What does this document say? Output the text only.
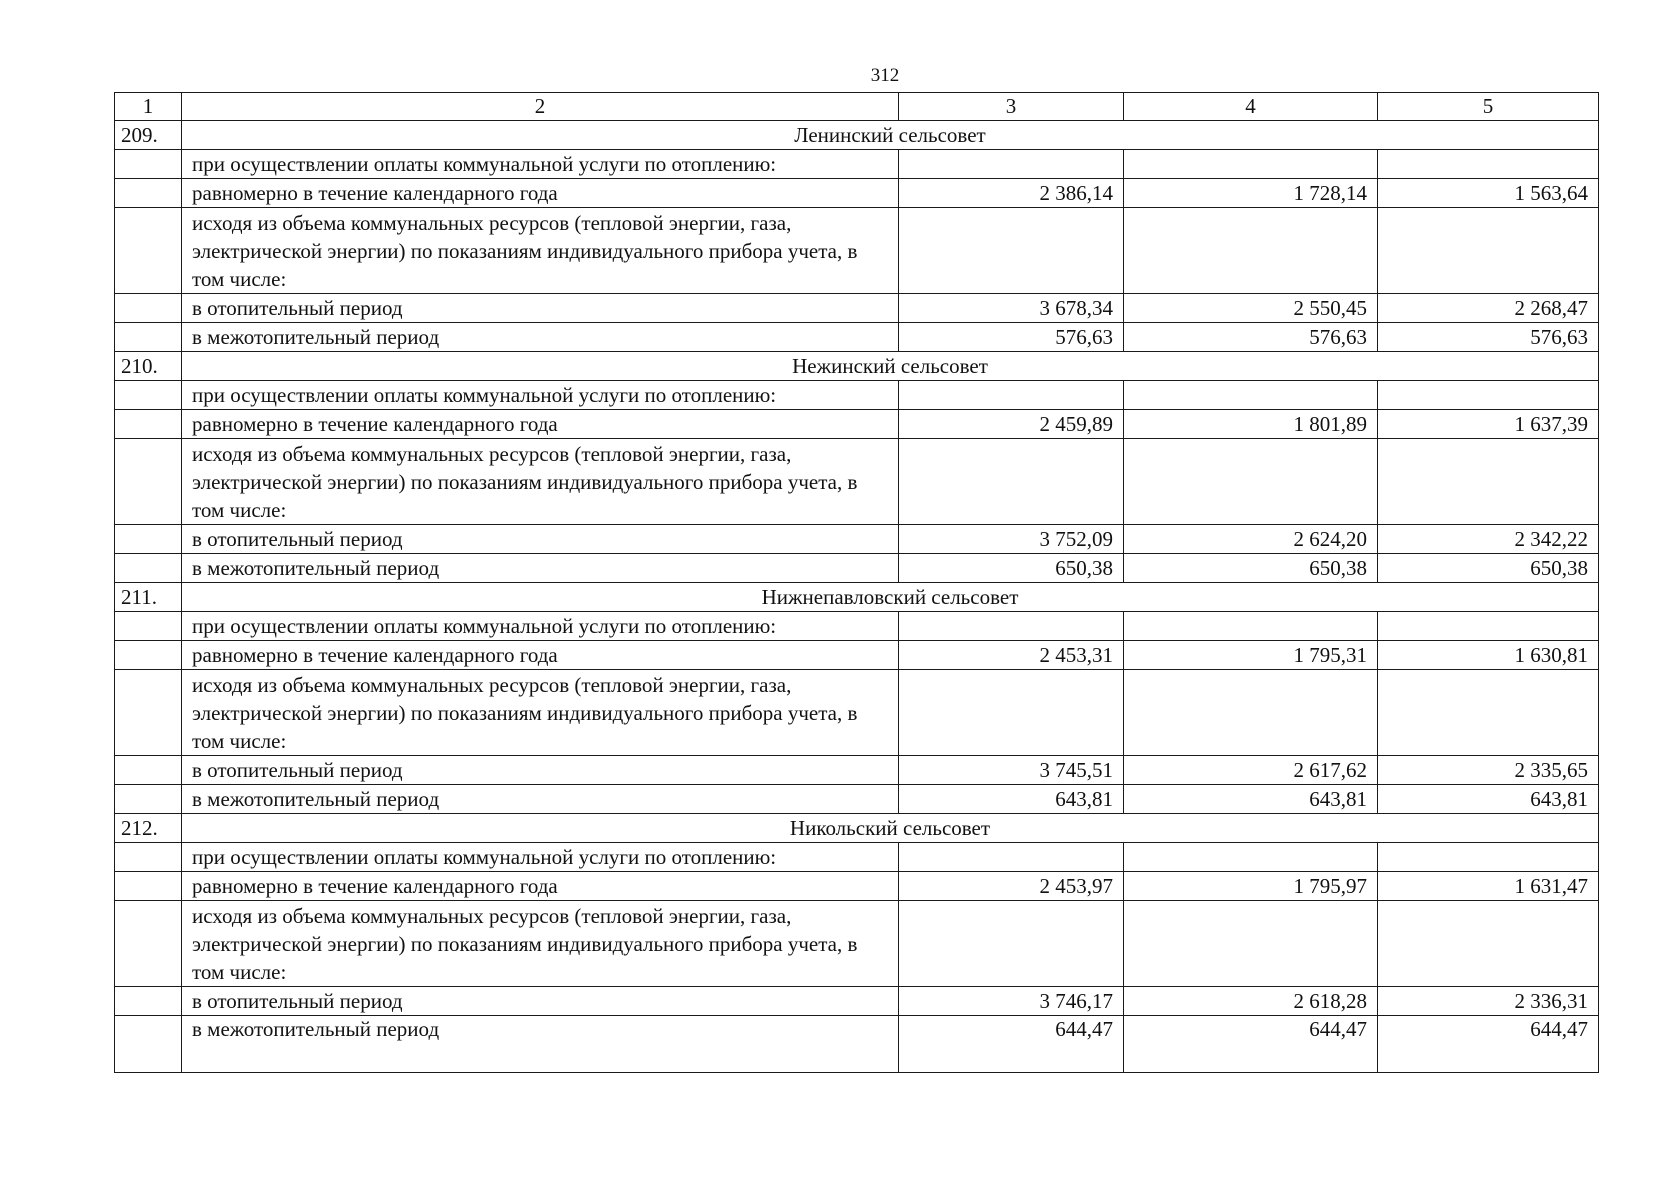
312
1	2	3	4	5
209.	Ленинский сельсовет			
	при осуществлении оплаты коммунальной услуги по отоплению:			
	равномерно в течение календарного года	2 386,14	1 728,14	1 563,64
	исходя из объема коммунальных ресурсов (тепловой энергии, газа, электрической энергии) по показаниям индивидуального прибора учета, в том числе:			
	в отопительный период	3 678,34	2 550,45	2 268,47
	в межотопительный период	576,63	576,63	576,63
210.	Нежинский сельсовет			
	при осуществлении оплаты коммунальной услуги по отоплению:			
	равномерно в течение календарного года	2 459,89	1 801,89	1 637,39
	исходя из объема коммунальных ресурсов (тепловой энергии, газа, электрической энергии) по показаниям индивидуального прибора учета, в том числе:			
	в отопительный период	3 752,09	2 624,20	2 342,22
	в межотопительный период	650,38	650,38	650,38
211.	Нижнепавловский сельсовет			
	при осуществлении оплаты коммунальной услуги по отоплению:			
	равномерно в течение календарного года	2 453,31	1 795,31	1 630,81
	исходя из объема коммунальных ресурсов (тепловой энергии, газа, электрической энергии) по показаниям индивидуального прибора учета, в том числе:			
	в отопительный период	3 745,51	2 617,62	2 335,65
	в межотопительный период	643,81	643,81	643,81
212.	Никольский сельсовет			
	при осуществлении оплаты коммунальной услуги по отоплению:			
	равномерно в течение календарного года	2 453,97	1 795,97	1 631,47
	исходя из объема коммунальных ресурсов (тепловой энергии, газа, электрической энергии) по показаниям индивидуального прибора учета, в том числе:			
	в отопительный период	3 746,17	2 618,28	2 336,31
	в межотопительный период	644,47	644,47	644,47
